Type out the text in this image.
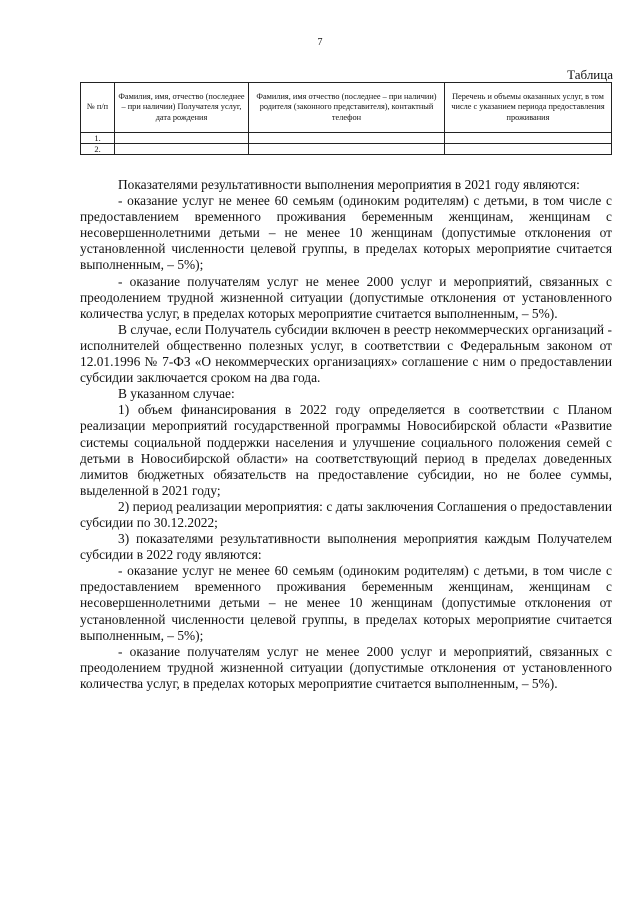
7
Таблица
№ п/п	Фамилия, имя, отчество (последнее – при наличии) Получателя услуг, дата рождения	Фамилия, имя отчество (последнее – при наличии) родителя (законного представителя), контактный телефон	Перечень и объемы оказанных услуг, в том числе с указанием периода предоставления проживания
1.			
2.			

Показателями результативности выполнения мероприятия в 2021 году являются:

- оказание услуг не менее 60 семьям (одиноким родителям) с детьми, в том числе с предоставлением временного проживания беременным женщинам, женщинам с несовершеннолетними детьми – не менее 10 женщинам (допустимые отклонения от установленной численности целевой группы, в пределах которых мероприятие считается выполненным, – 5%);

- оказание получателям услуг не менее 2000 услуг и мероприятий, связанных с преодолением трудной жизненной ситуации (допустимые отклонения от установленного количества услуг, в пределах которых мероприятие считается выполненным, – 5%).

В случае, если Получатель субсидии включен в реестр некоммерческих организаций - исполнителей общественно полезных услуг, в соответствии с Федеральным законом от 12.01.1996 № 7-ФЗ «О некоммерческих организациях» соглашение с ним о предоставлении субсидии заключается сроком на два года.

В указанном случае:

1) объем финансирования в 2022 году определяется в соответствии с Планом реализации мероприятий государственной программы Новосибирской области «Развитие системы социальной поддержки населения и улучшение социального положения семей с детьми в Новосибирской области» на соответствующий период в пределах доведенных лимитов бюджетных обязательств на предоставление субсидии, но не более суммы, выделенной в 2021 году;

2) период реализации мероприятия: с даты заключения Соглашения о предоставлении субсидии по 30.12.2022;

3) показателями результативности выполнения мероприятия каждым Получателем субсидии в 2022 году являются:

- оказание услуг не менее 60 семьям (одиноким родителям) с детьми, в том числе с предоставлением временного проживания беременным женщинам, женщинам с несовершеннолетними детьми – не менее 10 женщинам (допустимые отклонения от установленной численности целевой группы, в пределах которых мероприятие считается выполненным, – 5%);

- оказание получателям услуг не менее 2000 услуг и мероприятий, связанных с преодолением трудной жизненной ситуации (допустимые отклонения от установленного количества услуг, в пределах которых мероприятие считается выполненным, – 5%).
